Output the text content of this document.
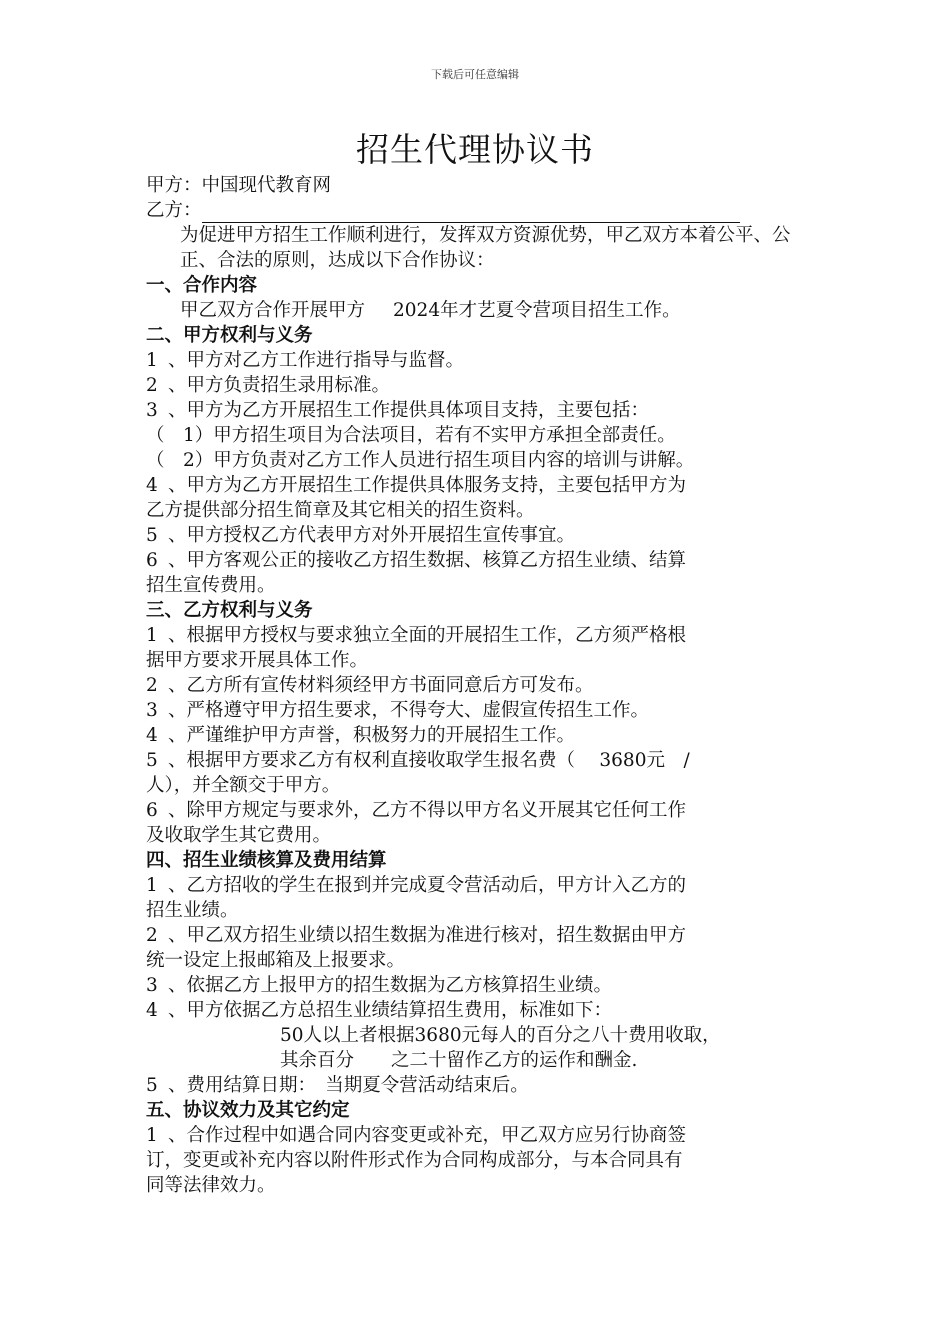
下载后可任意编辑
招生代理协议书
甲方：中国现代教育网
乙方：
为促进甲方招生工作顺利进行，发挥双方资源优势，甲乙双方本着公平、公正、合法的原则，达成以下合作协议：
一、合作内容
甲乙双方合作开展甲方 2024年才艺夏令营项目招生工作。
二、甲方权利与义务
1 、甲方对乙方工作进行指导与监督。
2 、甲方负责招生录用标准。
3 、甲方为乙方开展招生工作提供具体项目支持，主要包括：
（　1）甲方招生项目为合法项目，若有不实甲方承担全部责任。
（　2）甲方负责对乙方工作人员进行招生项目内容的培训与讲解。
4 、甲方为乙方开展招生工作提供具体服务支持，主要包括甲方为
乙方提供部分招生简章及其它相关的招生资料。
5 、甲方授权乙方代表甲方对外开展招生宣传事宜。
6 、甲方客观公正的接收乙方招生数据、核算乙方招生业绩、结算
招生宣传费用。
三、乙方权利与义务
1 、根据甲方授权与要求独立全面的开展招生工作，乙方须严格根
据甲方要求开展具体工作。
2 、乙方所有宣传材料须经甲方书面同意后方可发布。
3 、严格遵守甲方招生要求，不得夸大、虚假宣传招生工作。
4 、严谨维护甲方声誉，积极努力的开展招生工作。
5 、根据甲方要求乙方有权利直接收取学生报名费（　 3680元　/
人），并全额交于甲方。
6 、除甲方规定与要求外，乙方不得以甲方名义开展其它任何工作
及收取学生其它费用。
四、招生业绩核算及费用结算
1 、乙方招收的学生在报到并完成夏令营活动后，甲方计入乙方的
招生业绩。
2 、甲乙双方招生业绩以招生数据为准进行核对，招生数据由甲方
统一设定上报邮箱及上报要求。
3 、依据乙方上报甲方的招生数据为乙方核算招生业绩。
4 、甲方依据乙方总招生业绩结算招生费用，标准如下：
50人以上者根据3680元每人的百分之八十费用收取，
其余百分　　之二十留作乙方的运作和酬金.
5 、费用结算日期：　当期夏令营活动结束后。
五、协议效力及其它约定
1 、合作过程中如遇合同内容变更或补充，甲乙双方应另行协商签
订，变更或补充内容以附件形式作为合同构成部分，与本合同具有
同等法律效力。
